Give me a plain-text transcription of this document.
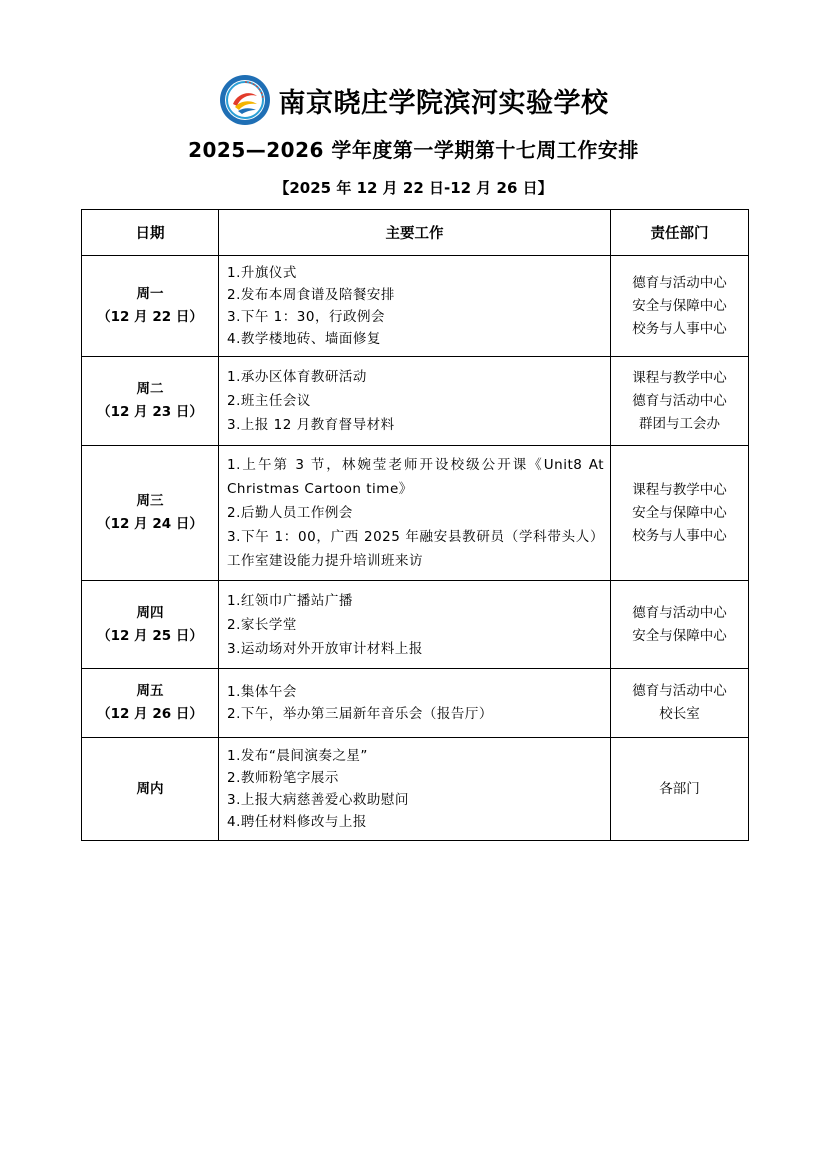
南京晓庄学院滨河实验学校
2025—2026 学年度第一学期第十七周工作安排
【2025 年 12 月 22 日-12 月 26 日】
日期	主要工作	责任部门
周一
（12 月 22 日）	1.升旗仪式
2.发布本周食谱及陪餐安排
3.下午 1：30，行政例会
4.教学楼地砖、墙面修复	德育与活动中心
安全与保障中心
校务与人事中心

周二
（12 月 23 日）	1.承办区体育教研活动
2.班主任会议
3.上报 12 月教育督导材料	课程与教学中心
德育与活动中心
群团与工会办

周三
（12 月 24 日）	1.上午第 3 节，林婉莹老师开设校级公开课《Unit8 At Christmas Cartoon time》
2.后勤人员工作例会
3.下午 1：00，广西 2025 年融安县教研员（学科带头人）工作室建设能力提升培训班来访	课程与教学中心
安全与保障中心
校务与人事中心

周四
（12 月 25 日）	1.红领巾广播站广播
2.家长学堂
3.运动场对外开放审计材料上报	德育与活动中心
安全与保障中心

周五
（12 月 26 日）	1.集体午会
2.下午，举办第三届新年音乐会（报告厅）	德育与活动中心
校长室

周内	1.发布“晨间演奏之星”
2.教师粉笔字展示
3.上报大病慈善爱心救助慰问
4.聘任材料修改与上报	各部门
